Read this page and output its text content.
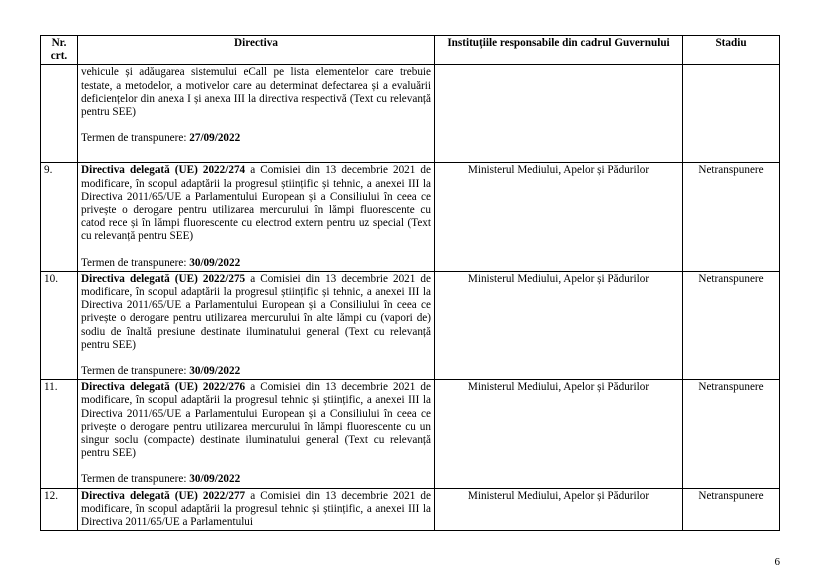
Nr. crt.	Directiva	Instituțiile responsabile din cadrul Guvernului	Stadiu
	vehicule și adăugarea sistemului eCall pe lista elementelor care trebuie testate, a metodelor, a motivelor care au determinat defectarea și a evaluării deficiențelor din anexa I și anexa III la directiva respectivă (Text cu relevanță pentru SEE)
Termen de transpunere: 27/09/2022		

9.	Directiva delegată (UE) 2022/274 a Comisiei din 13 decembrie 2021 de modificare, în scopul adaptării la progresul științific și tehnic, a anexei III la Directiva 2011/65/UE a Parlamentului European și a Consiliului în ceea ce privește o derogare pentru utilizarea mercurului în lămpi fluorescente cu catod rece și în lămpi fluorescente cu electrod extern pentru uz special (Text cu relevanță pentru SEE)
Termen de transpunere: 30/09/2022	Ministerul Mediului, Apelor și Pădurilor	Netranspunere
10.	Directiva delegată (UE) 2022/275 a Comisiei din 13 decembrie 2021 de modificare, în scopul adaptării la progresul științific și tehnic, a anexei III la Directiva 2011/65/UE a Parlamentului European și a Consiliului în ceea ce privește o derogare pentru utilizarea mercurului în alte lămpi cu (vapori de) sodiu de înaltă presiune destinate iluminatului general (Text cu relevanță pentru SEE)
Termen de transpunere: 30/09/2022	Ministerul Mediului, Apelor și Pădurilor	Netranspunere
11.	Directiva delegată (UE) 2022/276 a Comisiei din 13 decembrie 2021 de modificare, în scopul adaptării la progresul tehnic și științific, a anexei III la Directiva 2011/65/UE a Parlamentului European și a Consiliului în ceea ce privește o derogare pentru utilizarea mercurului în lămpi fluorescente cu un singur soclu (compacte) destinate iluminatului general (Text cu relevanță pentru SEE)
Termen de transpunere: 30/09/2022	Ministerul Mediului, Apelor și Pădurilor	Netranspunere
12.	Directiva delegată (UE) 2022/277 a Comisiei din 13 decembrie 2021 de modificare, în scopul adaptării la progresul tehnic și științific, a anexei III la Directiva 2011/65/UE a Parlamentului	Ministerul Mediului, Apelor și Pădurilor	Netranspunere
6
